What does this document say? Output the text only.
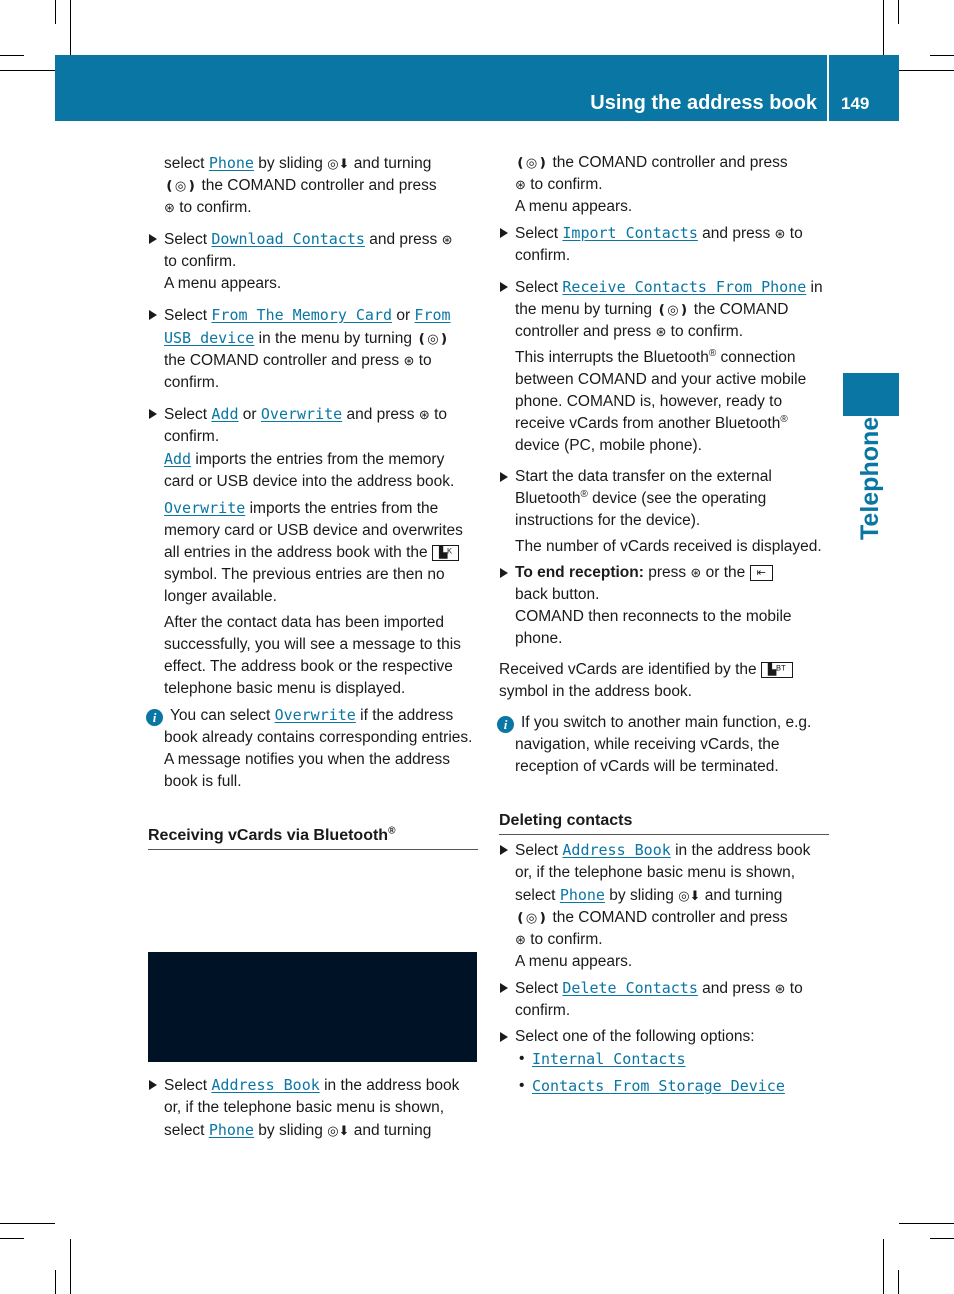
Using the address book 149
Telephone

select Phone by sliding ◎⬇ and turning
❪◎❫ the COMAND controller and press
⊛ to confirm.

Select Download Contacts and press ⊛
to confirm.
A menu appears.
Select From The Memory Card or From
USB device in the menu by turning ❪◎❫
the COMAND controller and press ⊛ to
confirm.
Select Add or Overwrite and press ⊛ to
confirm.

Add imports the entries from the memory card or USB device into the address book.

Overwrite imports the entries from the memory card or USB device and overwrites all entries in the address book with the ▙ᴷ symbol. The previous entries are then no longer available.

After the contact data has been imported successfully, you will see a message to this effect. The address book or the respective telephone basic menu is displayed.

i You can select Overwrite if the address book already contains corresponding entries. A message notifies you when the address book is full.

Receiving vCards via Bluetooth®
Select Address Book in the address book or, if the telephone basic menu is shown, select Phone by sliding ◎⬇ and turning

❪◎❫ the COMAND controller and press
⊛ to confirm.
A menu appears.

Select Import Contacts and press ⊛ to
confirm.
Select Receive Contacts From Phone in the menu by turning ❪◎❫ the COMAND controller and press ⊛ to confirm.

This interrupts the Bluetooth® connection between COMAND and your active mobile phone. COMAND is, however, ready to receive vCards from another Bluetooth® device (PC, mobile phone).

Start the data transfer on the external Bluetooth® device (see the operating instructions for the device).

The number of vCards received is displayed.

To end reception: press ⊛ or the ⇤
back button.
COMAND then reconnects to the mobile phone.

Received vCards are identified by the ▙ᴮᵀ
symbol in the address book.

i If you switch to another main function, e.g. navigation, while receiving vCards, the reception of vCards will be terminated.

Deleting contacts
Select Address Book in the address book or, if the telephone basic menu is shown, select Phone by sliding ◎⬇ and turning
❪◎❫ the COMAND controller and press
⊛ to confirm.
A menu appears.
Select Delete Contacts and press ⊛ to
confirm.
Select one of the following options:
• Internal Contacts
• Contacts From Storage Device
